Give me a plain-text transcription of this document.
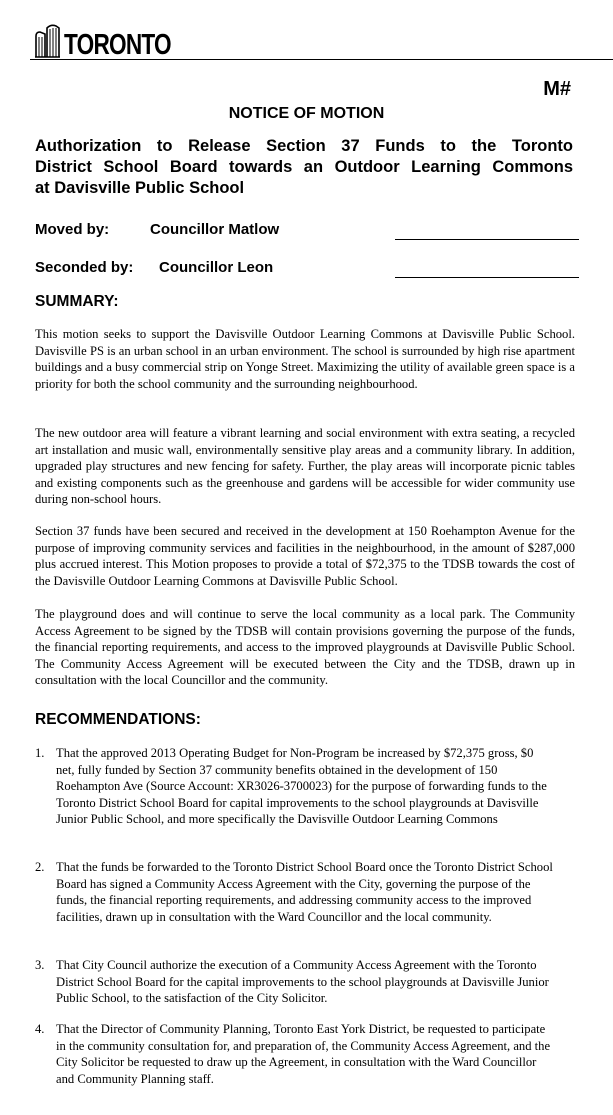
TORONTO
M#
NOTICE OF MOTION
Authorization to Release Section 37 Funds to the Toronto
District School Board towards an Outdoor Learning Commons
at Davisville Public School
Moved by:	Councillor Matlow
Seconded by: Councillor Leon
SUMMARY:
This motion seeks to support the Davisville Outdoor Learning Commons at Davisville Public School. Davisville PS is an urban school in an urban environment. The school is surrounded by high rise apartment buildings and a busy commercial strip on Yonge Street. Maximizing the utility of available green space is a priority for both the school community and the surrounding neighbourhood.
The new outdoor area will feature a vibrant learning and social environment with extra seating, a recycled art installation and music wall, environmentally sensitive play areas and a community library. In addition, upgraded play structures and new fencing for safety. Further, the play areas will incorporate picnic tables and existing components such as the greenhouse and gardens will be accessible for wider community use during non-school hours.
Section 37 funds have been secured and received in the development at 150 Roehampton Avenue for the purpose of improving community services and facilities in the neighbourhood, in the amount of $287,000 plus accrued interest. This Motion proposes to provide a total of $72,375 to the TDSB towards the cost of the Davisville Outdoor Learning Commons at Davisville Public School.
The playground does and will continue to serve the local community as a local park. The Community Access Agreement to be signed by the TDSB will contain provisions governing the purpose of the funds, the financial reporting requirements, and access to the improved playgrounds at Davisville Public School. The Community Access Agreement will be executed between the City and the TDSB, drawn up in consultation with the local Councillor and the community.
RECOMMENDATIONS:
1. That the approved 2013 Operating Budget for Non-Program be increased by $72,375 gross, $0 net, fully funded by Section 37 community benefits obtained in the development of 150 Roehampton Ave (Source Account: XR3026-3700023) for the purpose of forwarding funds to the Toronto District School Board for capital improvements to the school playgrounds at Davisville Junior Public School, and more specifically the Davisville Outdoor Learning Commons
2. That the funds be forwarded to the Toronto District School Board once the Toronto District School Board has signed a Community Access Agreement with the City, governing the purpose of the funds, the financial reporting requirements, and addressing community access to the improved facilities, drawn up in consultation with the Ward Councillor and the local community.
3. That City Council authorize the execution of a Community Access Agreement with the Toronto District School Board for the capital improvements to the school playgrounds at Davisville Junior Public School, to the satisfaction of the City Solicitor.
4. That the Director of Community Planning, Toronto East York District, be requested to participate in the community consultation for, and preparation of, the Community Access Agreement, and the City Solicitor be requested to draw up the Agreement, in consultation with the Ward Councillor and Community Planning staff.
